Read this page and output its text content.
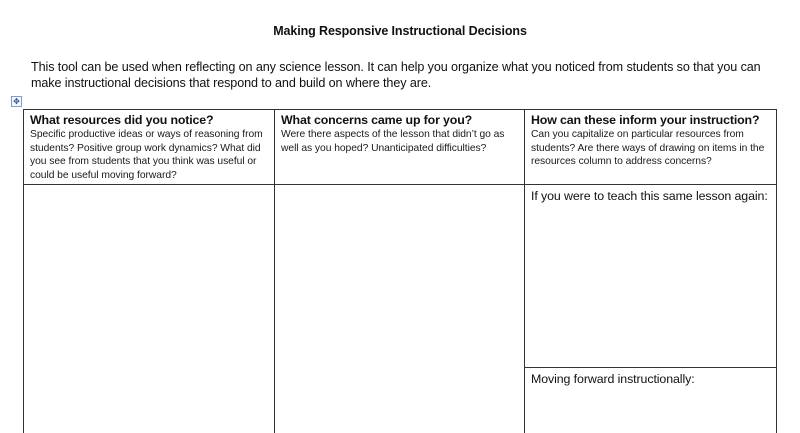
Making Responsive Instructional Decisions
This tool can be used when reflecting on any science lesson. It can help you organize what you noticed from students so that you can make instructional decisions that respond to and build on where they are.
✥
What resources did you notice?
Specific productive ideas or ways of reasoning from students? Positive group work dynamics? What did you see from students that you think was useful or could be useful moving forward?

What concerns came up for you?
Were there aspects of the lesson that didn’t go as well as you hoped? Unanticipated difficulties?

How can these inform your instruction?
Can you capitalize on particular resources from students? Are there ways of drawing on items in the resources column to address concerns?

		If you were to teach this same lesson again:
Moving forward instructionally:
